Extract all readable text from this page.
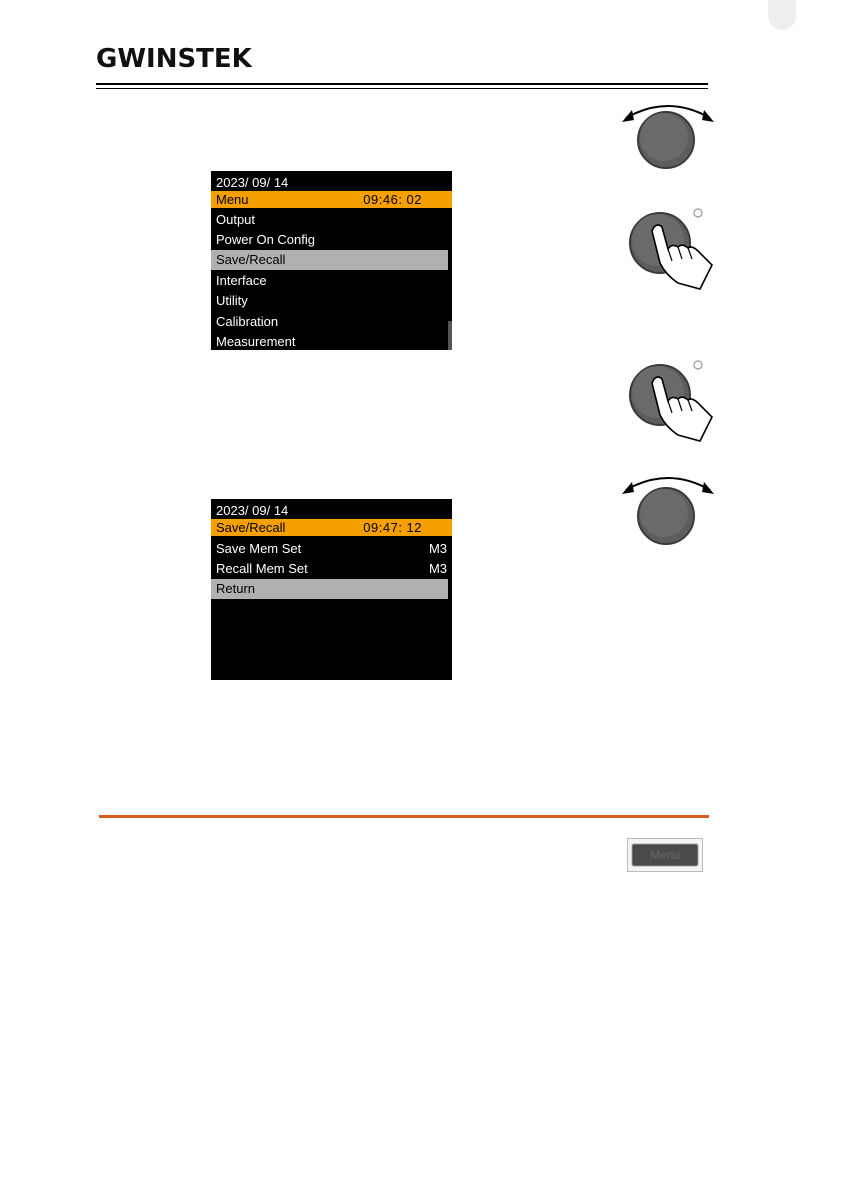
GWINSTEK
2023/ 09/ 14
Menu	09:46: 02
Output
Power On Config
Save/Recall
Interface
Utility
Calibration
Measurement
2023/ 09/ 14
Save/Recall	09:47: 12
Save Mem Set	M3
Recall Mem Set	M3
Return
Menu
